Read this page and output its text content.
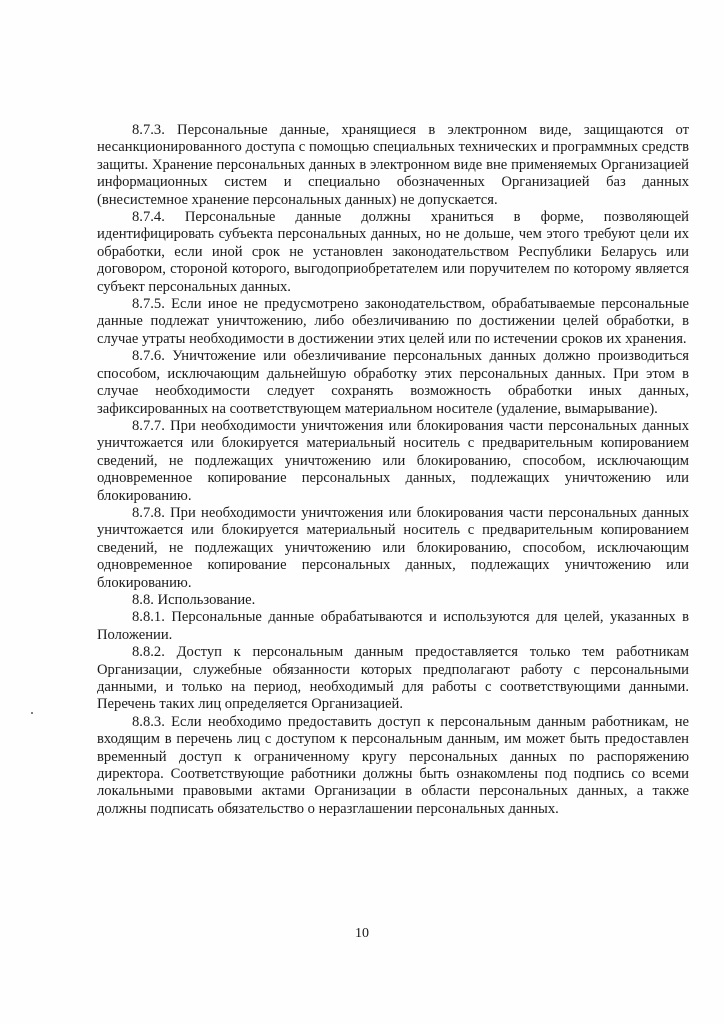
8.7.3. Персональные данные, хранящиеся в электронном виде, защищаются от несанкционированного доступа с помощью специальных технических и программных средств защиты. Хранение персональных данных в электронном виде вне применяемых Организацией информационных систем и специально обозначенных Организацией баз данных (внесистемное хранение персональных данных) не допускается.

8.7.4. Персональные данные должны храниться в форме, позволяющей идентифицировать субъекта персональных данных, но не дольше, чем этого требуют цели их обработки, если иной срок не установлен законодательством Республики Беларусь или договором, стороной которого, выгодоприобретателем или поручителем по которому является субъект персональных данных.

8.7.5. Если иное не предусмотрено законодательством, обрабатываемые персональные данные подлежат уничтожению, либо обезличиванию по достижении целей обработки, в случае утраты необходимости в достижении этих целей или по истечении сроков их хранения.

8.7.6. Уничтожение или обезличивание персональных данных должно производиться способом, исключающим дальнейшую обработку этих персональных данных. При этом в случае необходимости следует сохранять возможность обработки иных данных, зафиксированных на соответствующем материальном носителе (удаление, вымарывание).

8.7.7. При необходимости уничтожения или блокирования части персональных данных уничтожается или блокируется материальный носитель с предварительным копированием сведений, не подлежащих уничтожению или блокированию, способом, исключающим одновременное копирование персональных данных, подлежащих уничтожению или блокированию.

8.7.8. При необходимости уничтожения или блокирования части персональных данных уничтожается или блокируется материальный носитель с предварительным копированием сведений, не подлежащих уничтожению или блокированию, способом, исключающим одновременное копирование персональных данных, подлежащих уничтожению или блокированию.

8.8. Использование.

8.8.1. Персональные данные обрабатываются и используются для целей, указанных в Положении.

8.8.2. Доступ к персональным данным предоставляется только тем работникам Организации, служебные обязанности которых предполагают работу с персональными данными, и только на период, необходимый для работы с соответствующими данными. Перечень таких лиц определяется Организацией.

8.8.3. Если необходимо предоставить доступ к персональным данным работникам, не входящим в перечень лиц с доступом к персональным данным, им может быть предоставлен временный доступ к ограниченному кругу персональных данных по распоряжению директора. Соответствующие работники должны быть ознакомлены под подпись со всеми локальными правовыми актами Организации в области персональных данных, а также должны подписать обязательство о неразглашении персональных данных.

10
